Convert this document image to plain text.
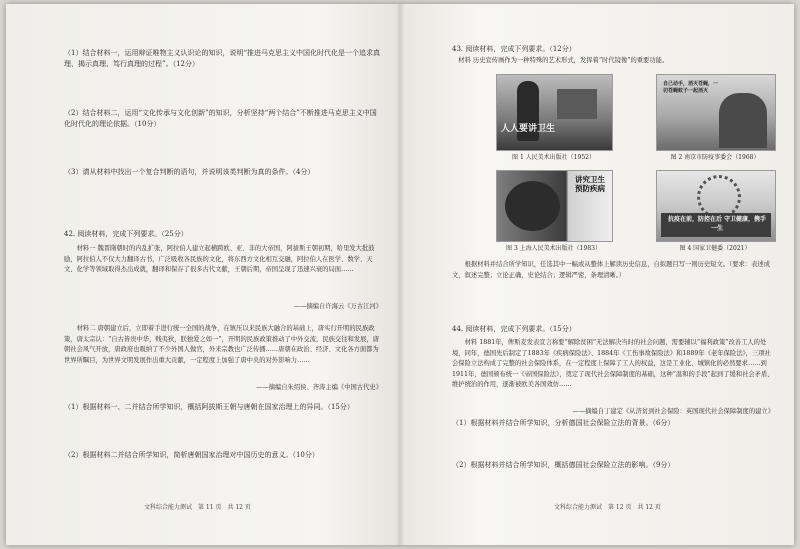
（1）结合材料一，运用辩证唯物主义认识论的知识，说明“推进马克思主义中国化时代化是一个追求真理、揭示真理、笃行真理的过程”。（12分）
（2）结合材料二，运用“文化传承与文化创新”的知识，分析坚持“两个结合”不断推进马克思主义中国化时代化的理论依据。（10分）
（3）请从材料中找出一个复合判断的语句，并说明该类判断为真的条件。（4分）
42. 阅读材料，完成下列要求。（25分）
材料一 魏晋隋朝时的内乱扩张，阿拉伯人建立起横跨欧、亚、非的大帝国，阿拔斯王朝初期，哈里发大批鼓励，阿拉伯人不仅大力翻译古书，广泛吸收各民族的文化，将东西方文化相互交融，阿拉伯人在医学、数学、天文、化学等领域取得杰出成就，翻译和保存了很多古代文献，王朝后期，帝国呈现了迅速兴衰的局面……
——摘编自许海云《万古江河》
材料二 唐朝建立后，立即着手进行统一全国的战争，在镇压以来民族大融合的基础上，唐实行开明的民族政策，唐太宗认：“自古皆贵中华，贱夷狄，朕独爱之如一”，开明的民族政策推动了中外交流，民族交往和发展，唐朝社会风气开放，唐政府也吸纳了不少外国人做官，外来宗教也广泛传播……唐朝在政治、经济、文化各方面都为世界所瞩目，为世界文明发展作出重大贡献，一定程度上加强了唐中央的对外影响力……
——摘编自朱绍侯、齐涛主编《中国古代史》
（1）根据材料一、二并结合所学知识，概括阿拔斯王朝与唐朝在国家治理上的异同。（15分）
（2）根据材料二并结合所学知识，简析唐朝国家治理对中国历史的意义。（10分）
文科综合能力测试　第 11 页　共 12 页
43. 阅读材料，完成下列要求。（12分）
材料 历史宣传画作为一种特殊的艺术形式，发挥着“时代镜像”的重要功能。
人人要讲卫生
图 1 人民美术出版社（1952）
自己动手，消灭苍蝇，一切苍蝇蚊子一起消灭
图 2 南京市防疫事委会（1968）
讲究卫生 预防疾病
图 3 上海人民美术出版社（1983）
抗疫在前，防控在后 守卫健康，携手一生
图 4 国家卫健委（2021）
根据材料并结合所学知识，任选其中一幅或从整体上解读历史信息，自拟题目写一则历史短文。（要求：表述成文，叙述完整；立论正确，史论结合；逻辑严密，条理清晰。）
44. 阅读材料，完成下列要求。（15分）
材料 1881年，俾斯麦发表宣言称要“解除贫困”无法解决当时的社会问题，需要辅以“福利政策”改善工人的处境，同年，德国先后制定了1883年《疾病保险法》、1884年《工伤事故保险法》和1889年《老年保险法》，三项社会保险立法构成了完整的社会保险体系，在一定程度上保障了工人的权益，这是工业化、城镇化的必然要求……到1911年，德国颁布统一《帝国保险法》，奠定了现代社会保障制度的基础，这种“温和的手段”起到了缓和社会矛盾、维护统治的作用，逐渐被欧美各国效仿……
——摘编自丁建定《从济贫到社会保险：英国现代社会保障制度的建立》
（1）根据材料并结合所学知识，分析德国社会保险立法的背景。（6分）
（2）根据材料并结合所学知识，概括德国社会保险立法的影响。（9分）
文科综合能力测试　第 12 页　共 12 页
